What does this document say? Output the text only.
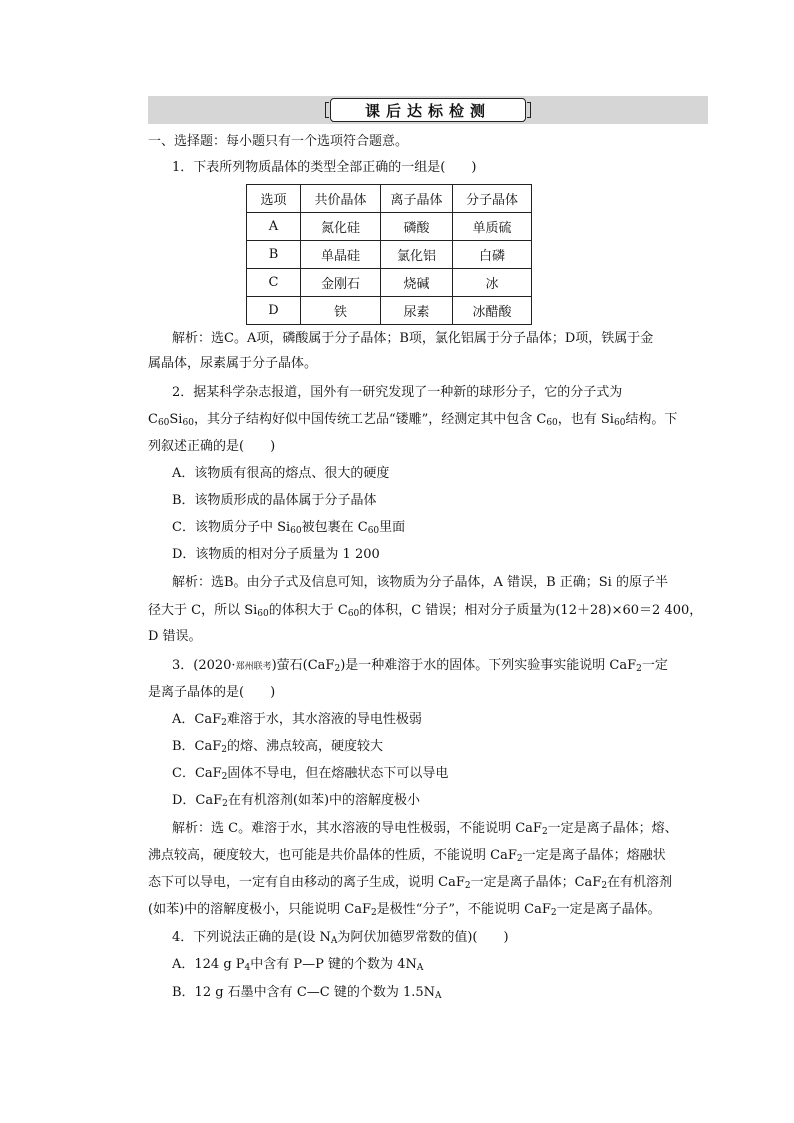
课后达标检测
一、选择题：每小题只有一个选项符合题意。
1．下表所列物质晶体的类型全部正确的一组是(　　)
选项	共价晶体	离子晶体	分子晶体
A	氮化硅	磷酸	单质硫
B	单晶硅	氯化铝	白磷
C	金刚石	烧碱	冰
D	铁	尿素	冰醋酸
解析：选C。A项，磷酸属于分子晶体；B项，氯化铝属于分子晶体；D项，铁属于金
属晶体，尿素属于分子晶体。
2．据某科学杂志报道，国外有一研究发现了一种新的球形分子，它的分子式为
$C_{60}Si_{60}$，其分子结构好似中国传统工艺品“镂雕”，经测定其中包含 $C_{60}$，也有 $Si_{60}$结构。下
列叙述正确的是(　　)
A．该物质有很高的熔点、很大的硬度
B．该物质形成的晶体属于分子晶体
C．该物质分子中 $Si_{60}$被包裹在 $C_{60}$里面
D．该物质的相对分子质量为 1 200
解析：选B。由分子式及信息可知，该物质为分子晶体，A 错误，B 正确；Si 的原子半
径大于 C，所以 $Si_{60}$的体积大于 $C_{60}$的体积，C 错误；相对分子质量为(12＋28)×60＝2 400，
D 错误。
3．(2020·郑州联考)萤石(CaF$_2$)是一种难溶于水的固体。下列实验事实能说明 CaF$_2$一定
是离子晶体的是(　　)
A．CaF$_2$难溶于水，其水溶液的导电性极弱
B．CaF$_2$的熔、沸点较高，硬度较大
C．CaF$_2$固体不导电，但在熔融状态下可以导电
D．CaF$_2$在有机溶剂(如苯)中的溶解度极小
解析：选 C。难溶于水，其水溶液的导电性极弱，不能说明 CaF$_2$一定是离子晶体；熔、
沸点较高，硬度较大，也可能是共价晶体的性质，不能说明 CaF$_2$一定是离子晶体；熔融状
态下可以导电，一定有自由移动的离子生成，说明 CaF$_2$一定是离子晶体；CaF$_2$在有机溶剂
(如苯)中的溶解度极小，只能说明 CaF$_2$是极性“分子”，不能说明 CaF$_2$一定是离子晶体。
4．下列说法正确的是(设 $N_A$为阿伏加德罗常数的值)(　　)
A．124 g $P_4$中含有 P—P 键的个数为 $4N_A$
B．12 g 石墨中含有 C—C 键的个数为 $1.5N_A$
